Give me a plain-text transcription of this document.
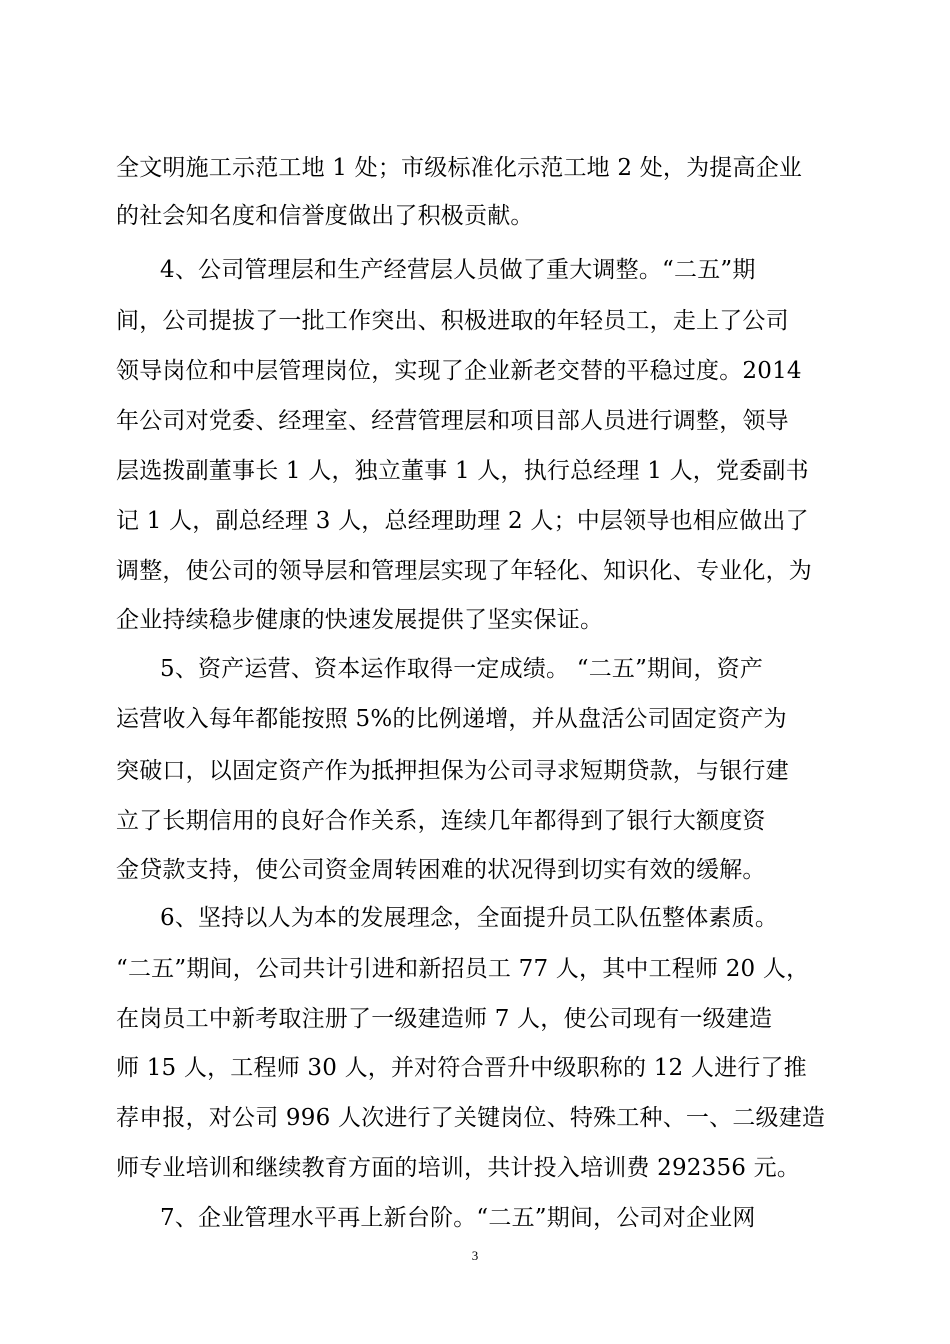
全文明施工示范工地 1 处；市级标准化示范工地 2 处，为提高企业
的社会知名度和信誉度做出了积极贡献。
4、公司管理层和生产经营层人员做了重大调整。“二五”期
间，公司提拔了一批工作突出、积极进取的年轻员工，走上了公司
领导岗位和中层管理岗位，实现了企业新老交替的平稳过度。2014
年公司对党委、经理室、经营管理层和项目部人员进行调整，领导
层选拨副董事长 1 人，独立董事 1 人，执行总经理 1 人，党委副书
记 1 人，副总经理 3 人，总经理助理 2 人；中层领导也相应做出了
调整，使公司的领导层和管理层实现了年轻化、知识化、专业化，为
企业持续稳步健康的快速发展提供了坚实保证。
5、资产运营、资本运作取得一定成绩。 “二五”期间，资产
运营收入每年都能按照 5%的比例递增，并从盘活公司固定资产为
突破口，以固定资产作为抵押担保为公司寻求短期贷款，与银行建
立了长期信用的良好合作关系，连续几年都得到了银行大额度资
金贷款支持，使公司资金周转困难的状况得到切实有效的缓解。
6、坚持以人为本的发展理念，全面提升员工队伍整体素质。
“二五”期间，公司共计引进和新招员工 77 人，其中工程师 20 人，
在岗员工中新考取注册了一级建造师 7 人，使公司现有一级建造
师 15 人，工程师 30 人，并对符合晋升中级职称的 12 人进行了推
荐申报，对公司 996 人次进行了关键岗位、特殊工种、一、二级建造
师专业培训和继续教育方面的培训，共计投入培训费 292356 元。
7、企业管理水平再上新台阶。“二五”期间，公司对企业网
3
